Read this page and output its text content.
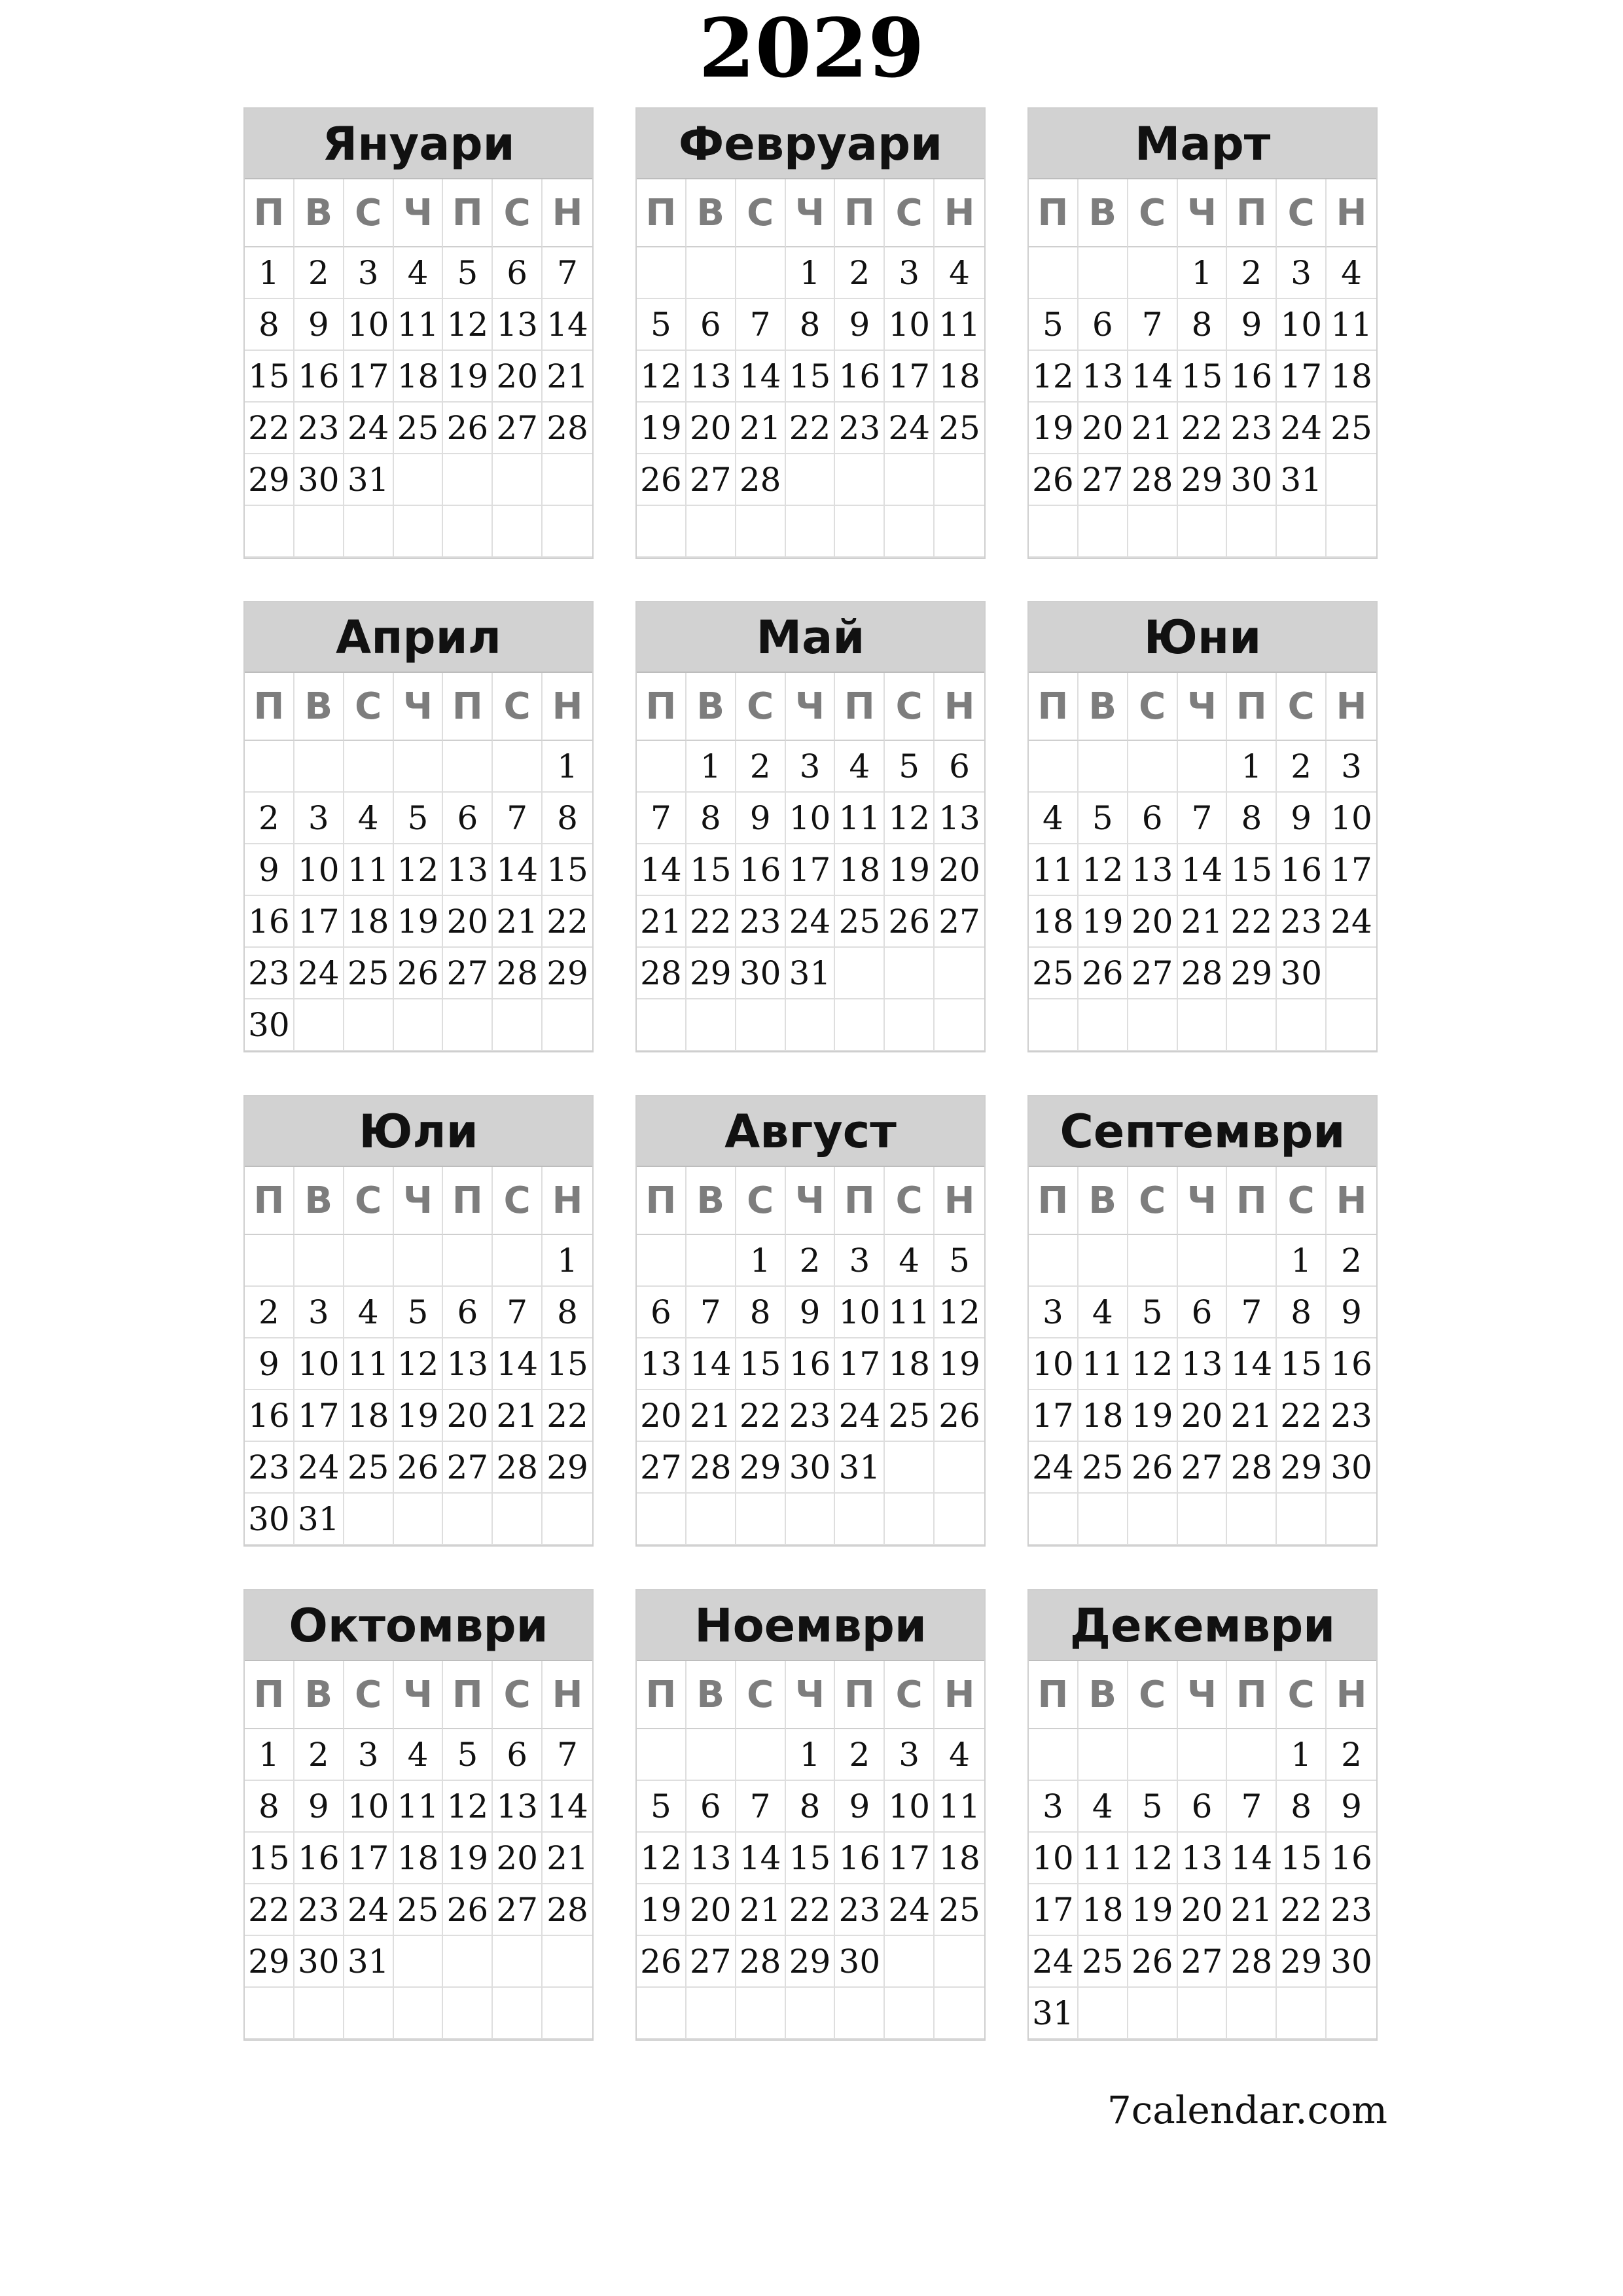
2029
Януари
П В С Ч П С Н
1 2 3 4 5 6 7
8 9 10 11 12 13 14
15 16 17 18 19 20 21
22 23 24 25 26 27 28
29 30 31
Февруари
П В С Ч П С Н
1 2 3 4
5 6 7 8 9 10 11
12 13 14 15 16 17 18
19 20 21 22 23 24 25
26 27 28
Март
П В С Ч П С Н
1 2 3 4
5 6 7 8 9 10 11
12 13 14 15 16 17 18
19 20 21 22 23 24 25
26 27 28 29 30 31
Април
П В С Ч П С Н
1
2 3 4 5 6 7 8
9 10 11 12 13 14 15
16 17 18 19 20 21 22
23 24 25 26 27 28 29
30
Май
П В С Ч П С Н
1 2 3 4 5 6
7 8 9 10 11 12 13
14 15 16 17 18 19 20
21 22 23 24 25 26 27
28 29 30 31
Юни
П В С Ч П С Н
1 2 3
4 5 6 7 8 9 10
11 12 13 14 15 16 17
18 19 20 21 22 23 24
25 26 27 28 29 30
Юли
П В С Ч П С Н
1
2 3 4 5 6 7 8
9 10 11 12 13 14 15
16 17 18 19 20 21 22
23 24 25 26 27 28 29
30 31
Август
П В С Ч П С Н
1 2 3 4 5
6 7 8 9 10 11 12
13 14 15 16 17 18 19
20 21 22 23 24 25 26
27 28 29 30 31
Септември
П В С Ч П С Н
1 2
3 4 5 6 7 8 9
10 11 12 13 14 15 16
17 18 19 20 21 22 23
24 25 26 27 28 29 30
Октомври
П В С Ч П С Н
1 2 3 4 5 6 7
8 9 10 11 12 13 14
15 16 17 18 19 20 21
22 23 24 25 26 27 28
29 30 31
Ноември
П В С Ч П С Н
1 2 3 4
5 6 7 8 9 10 11
12 13 14 15 16 17 18
19 20 21 22 23 24 25
26 27 28 29 30
Декември
П В С Ч П С Н
1 2
3 4 5 6 7 8 9
10 11 12 13 14 15 16
17 18 19 20 21 22 23
24 25 26 27 28 29 30
31
7calendar.com
